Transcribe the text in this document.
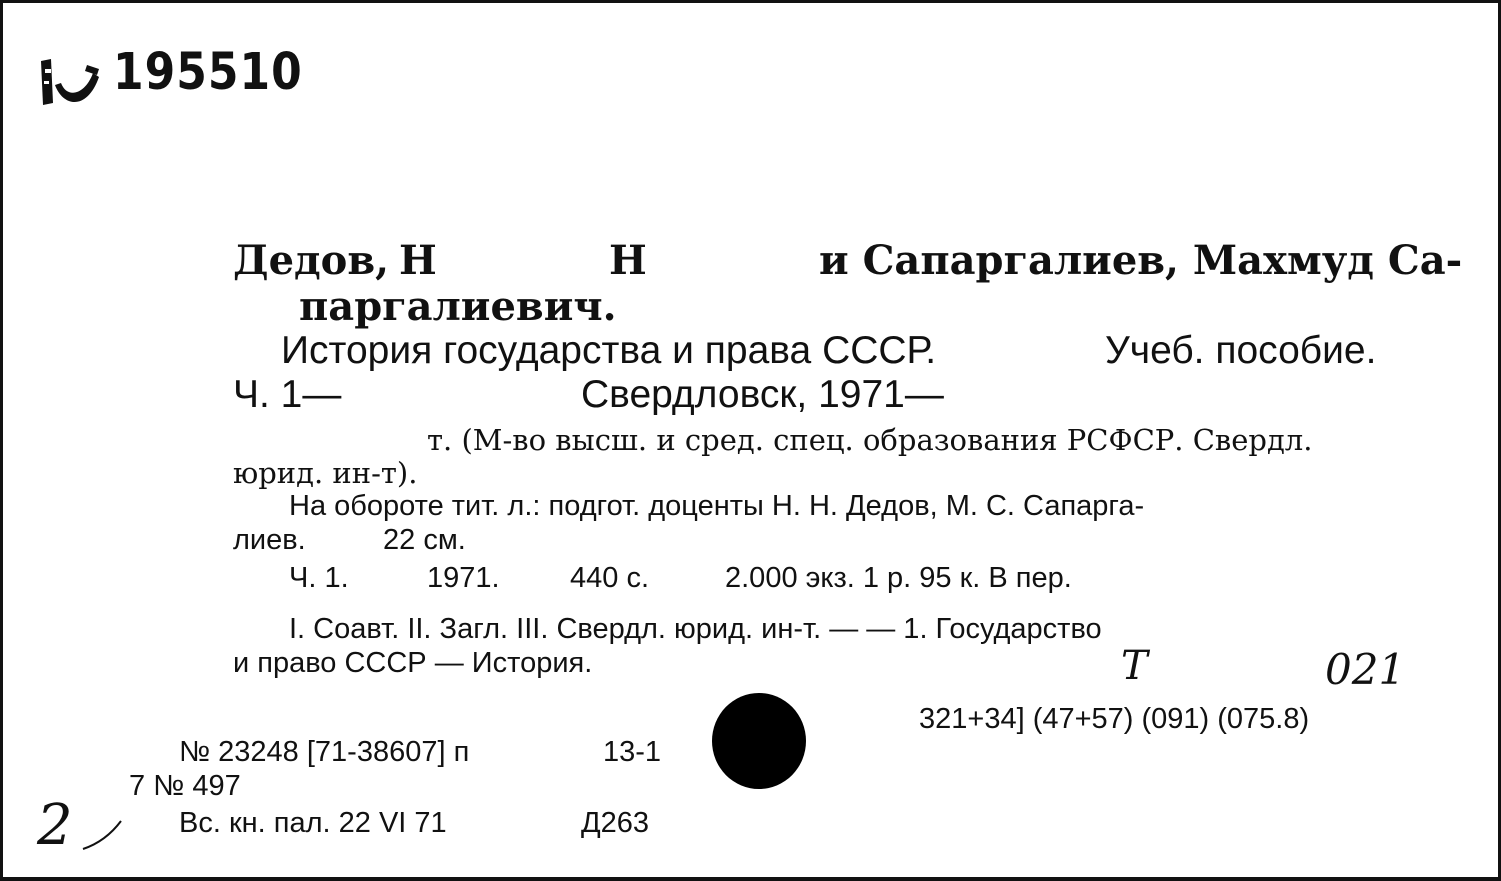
195510
Дедов, Н	Н	и Сапаргалиев, Махмуд Са-
паргалиевич.
История государства и права СССР.	Учеб. пособие.
Ч. 1—	Свердловск, 1971—
т. (М-во высш. и сред. спец. образования РСФСР. Свердл.
юрид. ин-т).
На обороте тит. л.: подгот. доценты Н. Н. Дедов, М. С. Сапарга-
лиев.	22 см.
Ч. 1.	1971. 440 с.	2.000 экз. 1 р. 95 к. В пер.
I. Соавт. II. Загл. III. Свердл. юрид. ин-т. — — 1. Государство
и право СССР — История.	Т	021
321+34] (47+57) (091) (075.8)
№ 23248 [71-38607] п	13-1
7 № 497
Вс. кн. пал. 22 VI 71	Д263
2
